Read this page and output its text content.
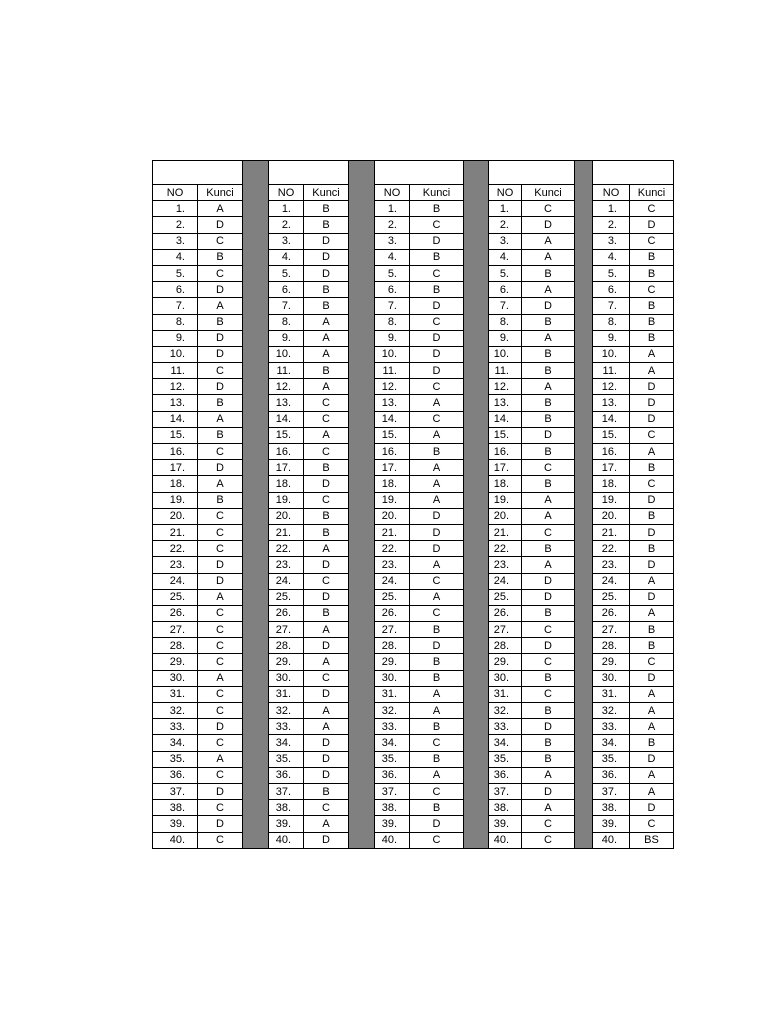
NO	Kunci		NO	Kunci		NO	Kunci		NO	Kunci		NO	Kunci
1.	A		1.	B		1.	B		1.	C		1.	C
2.	D		2.	B		2.	C		2.	D		2.	D
3.	C		3.	D		3.	D		3.	A		3.	C
4.	B		4.	D		4.	B		4.	A		4.	B
5.	C		5.	D		5.	C		5.	B		5.	B
6.	D		6.	B		6.	B		6.	A		6.	C
7.	A		7.	B		7.	D		7.	D		7.	B
8.	B		8.	A		8.	C		8.	B		8.	B
9.	D		9.	A		9.	D		9.	A		9.	B
10.	D		10.	A		10.	D		10.	B		10.	A
11.	C		11.	B		11.	D		11.	B		11.	A
12.	D		12.	A		12.	C		12.	A		12.	D
13.	B		13.	C		13.	A		13.	B		13.	D
14.	A		14.	C		14.	C		14.	B		14.	D
15.	B		15.	A		15.	A		15.	D		15.	C
16.	C		16.	C		16.	B		16.	B		16.	A
17.	D		17.	B		17.	A		17.	C		17.	B
18.	A		18.	D		18.	A		18.	B		18.	C
19.	B		19.	C		19.	A		19.	A		19.	D
20.	C		20.	B		20.	D		20.	A		20.	B
21.	C		21.	B		21.	D		21.	C		21.	D
22.	C		22.	A		22.	D		22.	B		22.	B
23.	D		23.	D		23.	A		23.	A		23.	D
24.	D		24.	C		24.	C		24.	D		24.	A
25.	A		25.	D		25.	A		25.	D		25.	D
26.	C		26.	B		26.	C		26.	B		26.	A
27.	C		27.	A		27.	B		27.	C		27.	B
28.	C		28.	D		28.	D		28.	D		28.	B
29.	C		29.	A		29.	B		29.	C		29.	C
30.	A		30.	C		30.	B		30.	B		30.	D
31.	C		31.	D		31.	A		31.	C		31.	A
32.	C		32.	A		32.	A		32.	B		32.	A
33.	D		33.	A		33.	B		33.	D		33.	A
34.	C		34.	D		34.	C		34.	B		34.	B
35.	A		35.	D		35.	B		35.	B		35.	D
36.	C		36.	D		36.	A		36.	A		36.	A
37.	D		37.	B		37.	C		37.	D		37.	A
38.	C		38.	C		38.	B		38.	A		38.	D
39.	D		39.	A		39.	D		39.	C		39.	C
40.	C		40.	D		40.	C		40.	C		40.	BS
